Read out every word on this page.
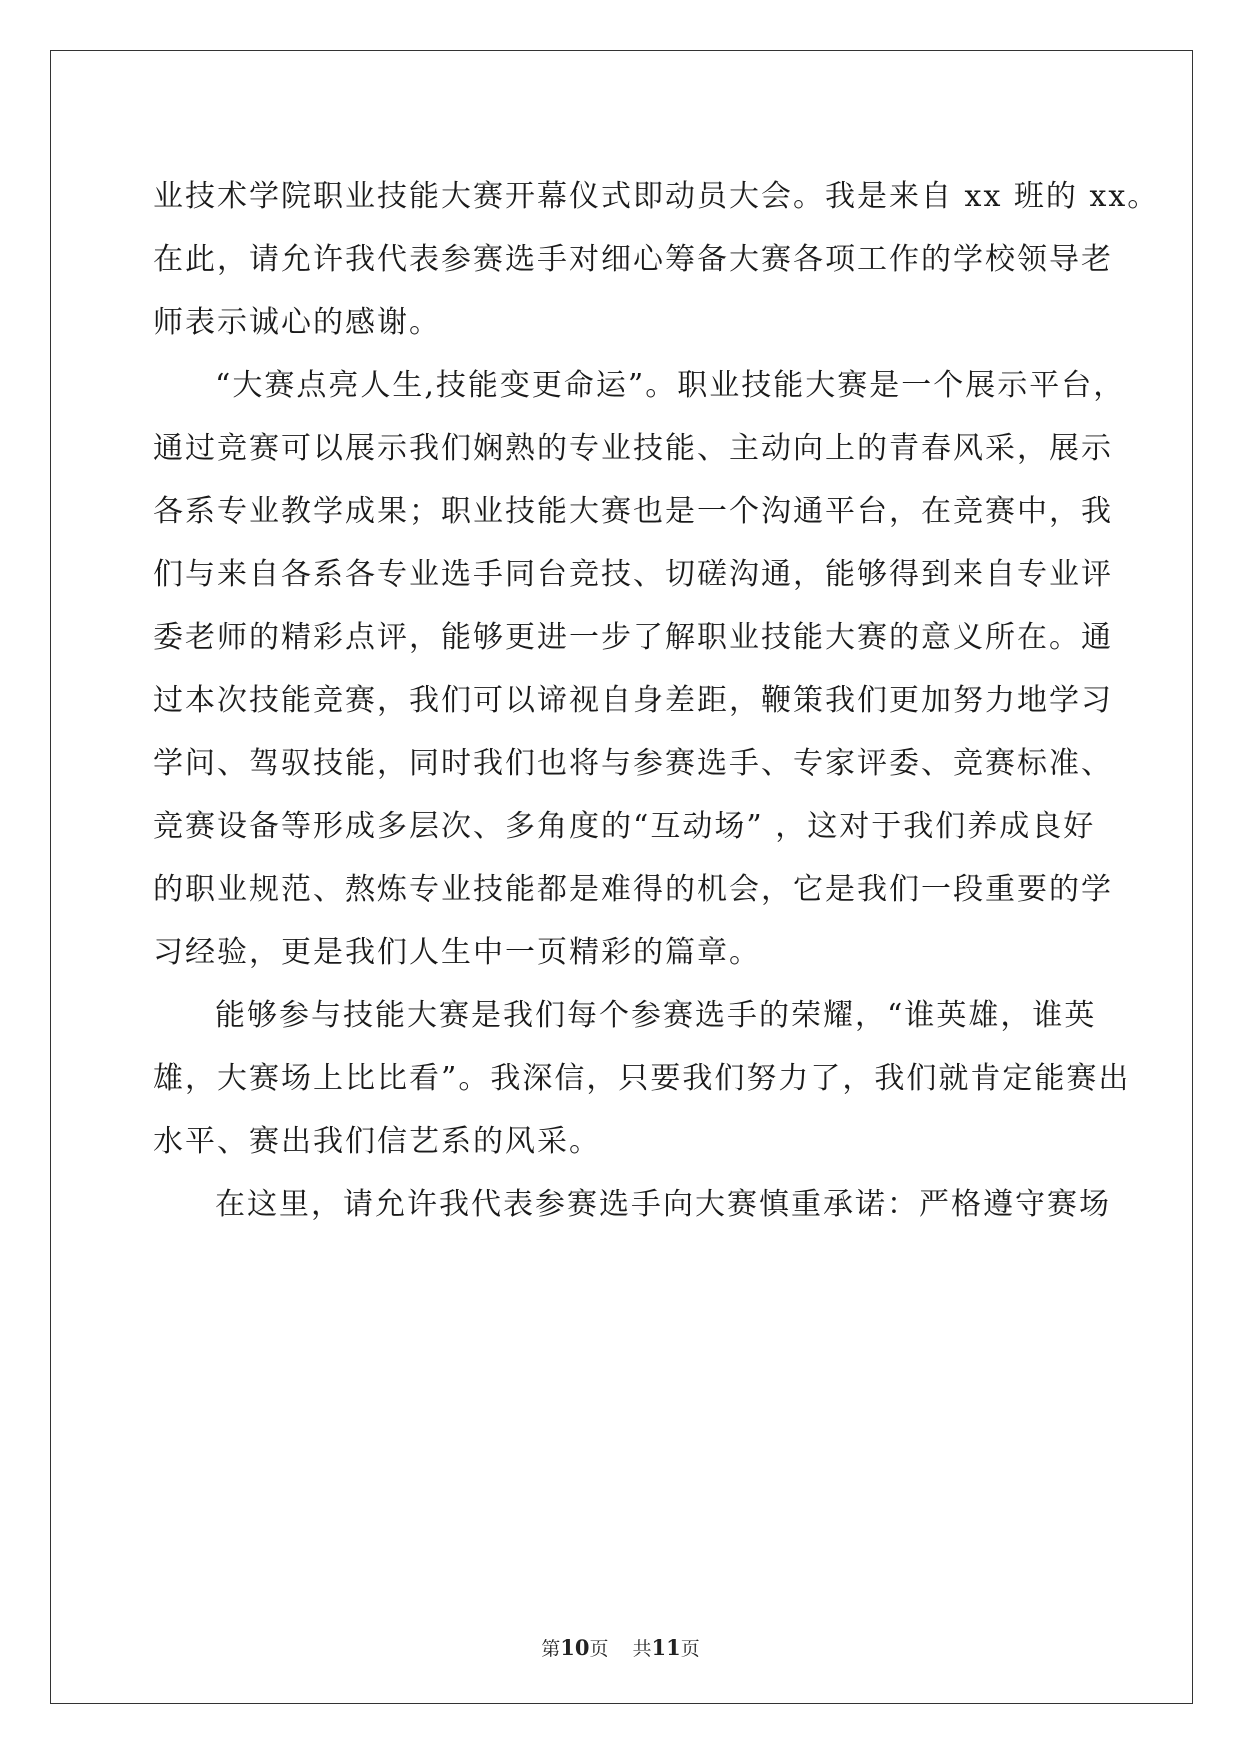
业技术学院职业技能大赛开幕仪式即动员大会。我是来自 xx 班的 xx。
在此，请允许我代表参赛选手对细心筹备大赛各项工作的学校领导老
师表示诚心的感谢。
“大赛点亮人生,技能变更命运”。职业技能大赛是一个展示平台，
通过竞赛可以展示我们娴熟的专业技能、主动向上的青春风采，展示
各系专业教学成果；职业技能大赛也是一个沟通平台，在竞赛中，我
们与来自各系各专业选手同台竞技、切磋沟通，能够得到来自专业评
委老师的精彩点评，能够更进一步了解职业技能大赛的意义所在。通
过本次技能竞赛，我们可以谛视自身差距，鞭策我们更加努力地学习
学问、驾驭技能，同时我们也将与参赛选手、专家评委、竞赛标准、
竞赛设备等形成多层次、多角度的“互动场” ，这对于我们养成良好
的职业规范、熬炼专业技能都是难得的机会，它是我们一段重要的学
习经验，更是我们人生中一页精彩的篇章。
能够参与技能大赛是我们每个参赛选手的荣耀，“谁英雄，谁英
雄，大赛场上比比看”。我深信，只要我们努力了，我们就肯定能赛出
水平、赛出我们信艺系的风采。
在这里，请允许我代表参赛选手向大赛慎重承诺：严格遵守赛场
第10页 共11页
